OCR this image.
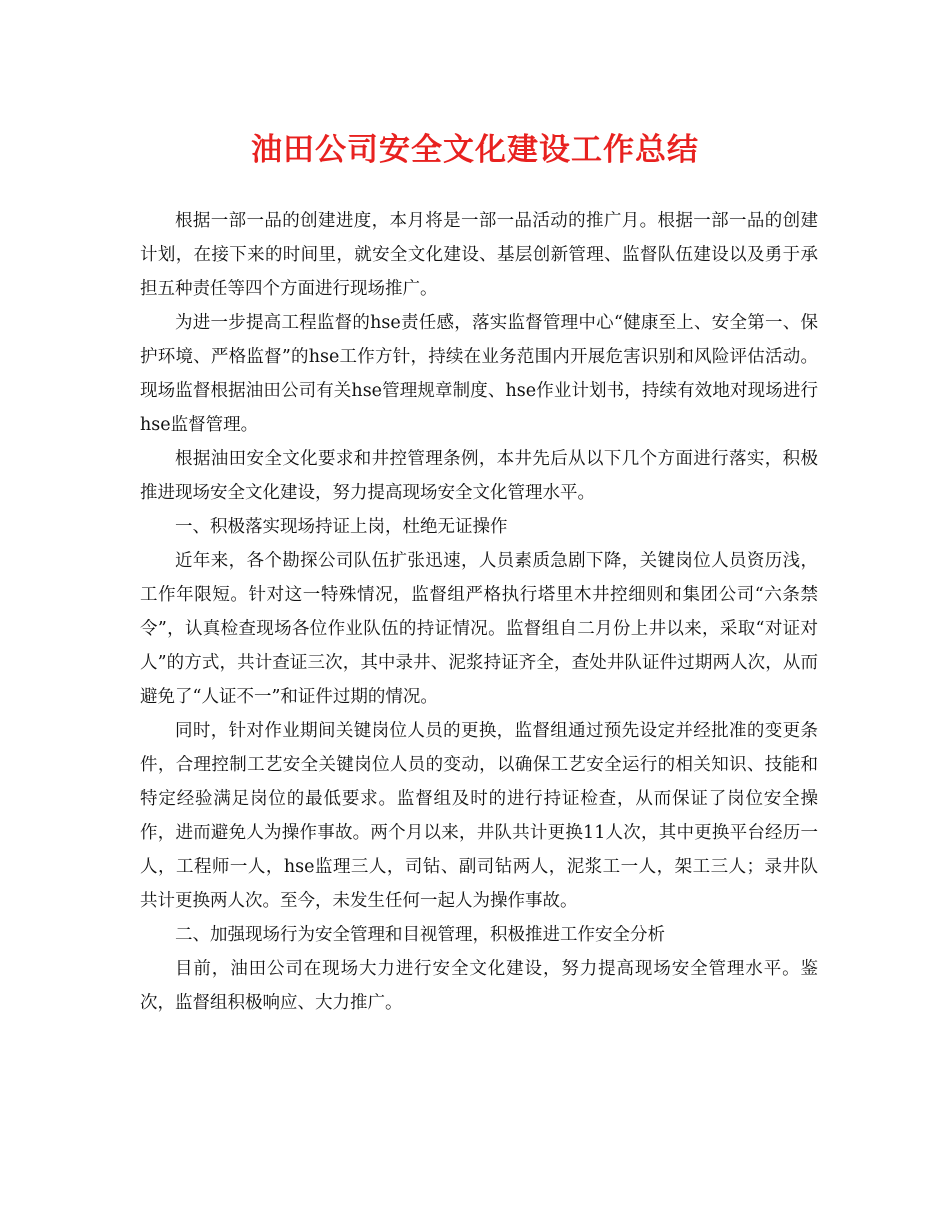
油田公司安全文化建设工作总结

根据一部一品的创建进度，本月将是一部一品活动的推广月。根据一部一品的创建计划，在接下来的时间里，就安全文化建设、基层创新管理、监督队伍建设以及勇于承担五种责任等四个方面进行现场推广。

为进一步提高工程监督的hse责任感，落实监督管理中心“健康至上、安全第一、保护环境、严格监督”的hse工作方针，持续在业务范围内开展危害识别和风险评估活动。现场监督根据油田公司有关hse管理规章制度、hse作业计划书，持续有效地对现场进行hse监督管理。

根据油田安全文化要求和井控管理条例，本井先后从以下几个方面进行落实，积极推进现场安全文化建设，努力提高现场安全文化管理水平。

一、积极落实现场持证上岗，杜绝无证操作

近年来，各个勘探公司队伍扩张迅速，人员素质急剧下降，关键岗位人员资历浅，工作年限短。针对这一特殊情况，监督组严格执行塔里木井控细则和集团公司“六条禁令”，认真检查现场各位作业队伍的持证情况。监督组自二月份上井以来，采取“对证对人”的方式，共计查证三次，其中录井、泥浆持证齐全，查处井队证件过期两人次，从而避免了“人证不一”和证件过期的情况。

同时，针对作业期间关键岗位人员的更换，监督组通过预先设定并经批准的变更条件，合理控制工艺安全关键岗位人员的变动，以确保工艺安全运行的相关知识、技能和特定经验满足岗位的最低要求。监督组及时的进行持证检查，从而保证了岗位安全操作，进而避免人为操作事故。两个月以来，井队共计更换11人次，其中更换平台经历一人，工程师一人，hse监理三人，司钻、副司钻两人，泥浆工一人，架工三人；录井队共计更换两人次。至今，未发生任何一起人为操作事故。

二、加强现场行为安全管理和目视管理，积极推进工作安全分析

目前，油田公司在现场大力进行安全文化建设，努力提高现场安全管理水平。鉴次，监督组积极响应、大力推广。
